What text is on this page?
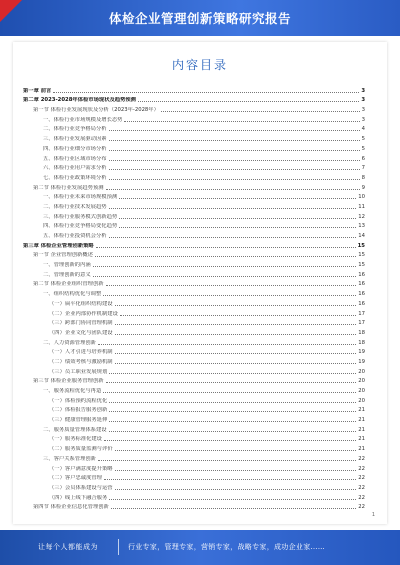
体检企业管理创新策略研究报告
内容目录
第一章 前言	3
第二章 2023-2028年体检市场现状及趋势预测	3
第一节 体检行业发展现状及分析（2023年-2028年）	3
一、体检行业市场规模及增长态势	3
二、体检行业竞争格局分析	4
三、体检行业发展驱动因素	5
四、体检行业细分市场分析	5
五、体检行业区域市场分布	6
六、体检行业用户需求分析	7
七、体检行业政策环境分析	8
第二节 体检行业发展趋势预测	9
一、体检行业未来市场规模预测	10
二、体检行业技术发展趋势	11
三、体检行业服务模式创新趋势	12
四、体检行业竞争格局变化趋势	13
五、体检行业投资机会分析	14
第三章 体检企业管理创新策略	15
第一节 企业管理创新概述	15
一、管理创新的内涵	15
二、管理创新的意义	16
第二节 体检企业组织管理创新	16
一、组织结构优化与调整	16
（一）扁平化组织结构建设	16
（二）企业内部协作机制建设	17
（三）跨部门协同管理机制	17
（四）企业文化与团队建设	18
二、人力资源管理创新	18
（一）人才引进与培养机制	19
（二）绩效考核与激励机制	19
（三）员工职业发展规划	20
第三节 体检企业服务管理创新	20
一、服务流程优化与再造	20
（一）体检预约流程优化	20
（二）体检报告服务创新	21
（三）健康管理服务延伸	21
二、服务质量管理体系建设	21
（一）服务标准化建设	21
（二）服务质量监测与评价	21
三、客户关系管理创新	22
（一）客户满意度提升策略	22
（二）客户忠诚度管理	22
（三）会员体系建设与运营	22
（四）线上线下融合服务	22
第四节 体检企业信息化管理创新	22
1
让每个人都能成为	行业专家，管理专家，营销专家，战略专家，成功企业家……
